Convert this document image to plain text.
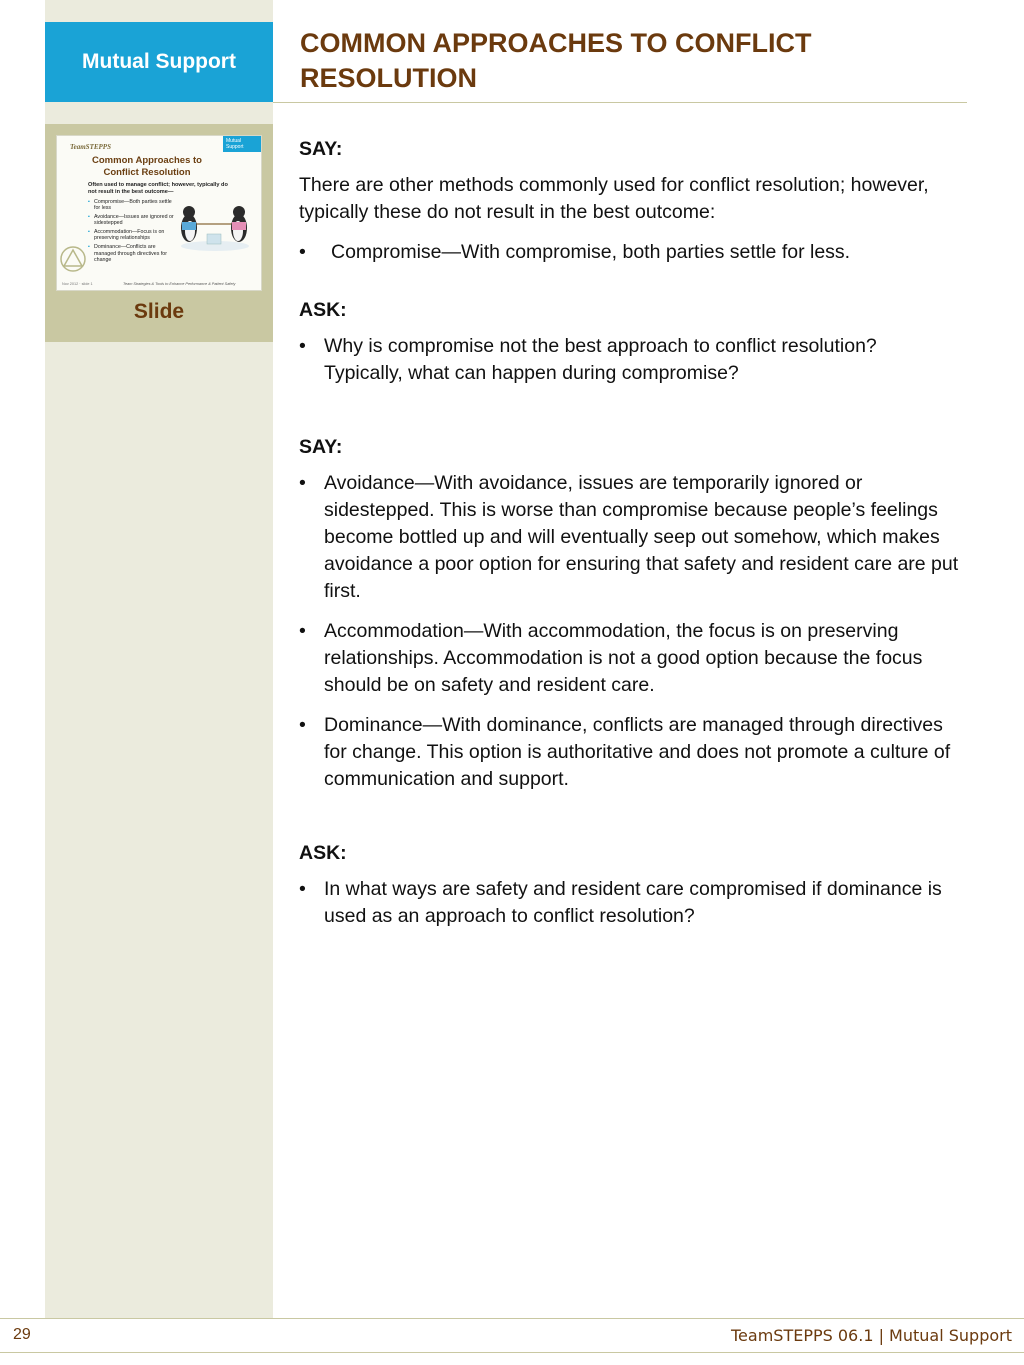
Mutual Support
TeamSTEPPS
Mutual Support
Common Approaches to Conflict Resolution
Often used to manage conflict; however, typically do not result in the best outcome—
▪ Compromise—Both parties settle for less
▪ Avoidance—Issues are ignored or sidestepped
▪ Accommodation—Focus is on preserving relationships
▪ Dominance—Conflicts are managed through directives for change
Nov 2012 · slide 1	Team Strategies & Tools to Enhance Performance & Patient Safety
Slide
COMMON APPROACHES TO CONFLICT RESOLUTION
SAY:

There are other methods commonly used for conflict resolution; however, typically these do not result in the best outcome:

• Compromise—With compromise, both parties settle for less.
ASK:
• Why is compromise not the best approach to conflict resolution? Typically, what can happen during compromise?
SAY:
• Avoidance—With avoidance, issues are temporarily ignored or sidestepped. This is worse than compromise because people’s feelings become bottled up and will eventually seep out somehow, which makes avoidance a poor option for ensuring that safety and resident care are put first.
• Accommodation—With accommodation, the focus is on preserving relationships. Accommodation is not a good option because the focus should be on safety and resident care.
• Dominance—With dominance, conflicts are managed through directives for change. This option is authoritative and does not promote a culture of communication and support.
ASK:
• In what ways are safety and resident care compromised if dominance is used as an approach to conflict resolution?
29	TeamSTEPPS 06.1 | Mutual Support
